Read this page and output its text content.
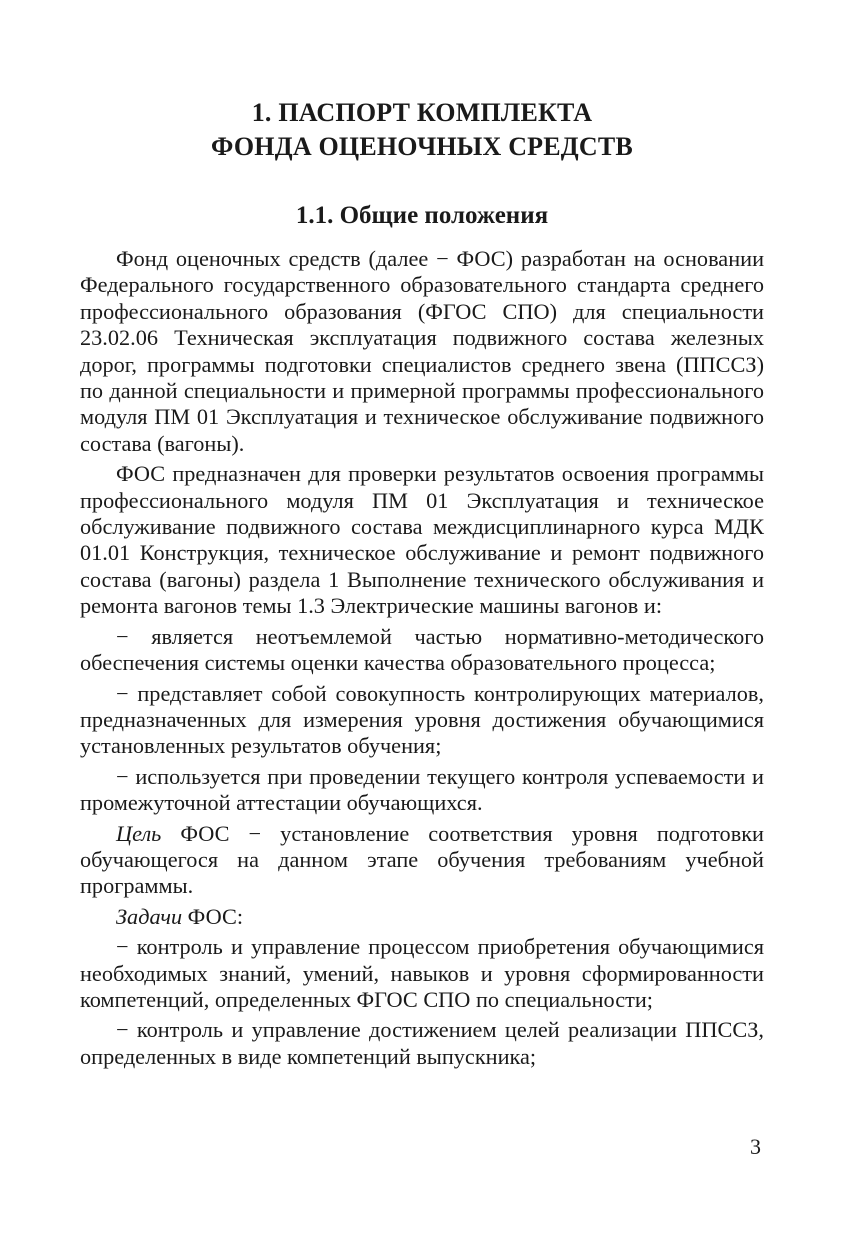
1. ПАСПОРТ КОМПЛЕКТА
ФОНДА ОЦЕНОЧНЫХ СРЕДСТВ
1.1. Общие положения

Фонд оценочных средств (далее − ФОС) разработан на основании Федерального государственного образовательного стандарта среднего профессионального образования (ФГОС СПО) для специальности 23.02.06 Техническая эксплуатация подвижного состава железных дорог, программы подготовки специалистов среднего звена (ППССЗ) по данной специальности и примерной программы профессионального модуля ПМ 01 Эксплуатация и техническое обслуживание подвижного состава (вагоны).

ФОС предназначен для проверки результатов освоения программы профессионального модуля ПМ 01 Эксплуатация и техническое обслуживание подвижного состава междисциплинарного курса МДК 01.01 Конструкция, техническое обслуживание и ремонт подвижного состава (вагоны) раздела 1 Выполнение технического обслуживания и ремонта вагонов темы 1.3 Электрические машины вагонов и:

− является неотъемлемой частью нормативно-методического обеспечения системы оценки качества образовательного процесса;

− представляет собой совокупность контролирующих материалов, предназначенных для измерения уровня достижения обучающимися установленных результатов обучения;

− используется при проведении текущего контроля успеваемости и промежуточной аттестации обучающихся.

Цель ФОС − установление соответствия уровня подготовки обучающегося на данном этапе обучения требованиям учебной программы.

Задачи ФОС:

− контроль и управление процессом приобретения обучающимися необходимых знаний, умений, навыков и уровня сформированности компетенций, определенных ФГОС СПО по специальности;

− контроль и управление достижением целей реализации ППССЗ, определенных в виде компетенций выпускника;

3
